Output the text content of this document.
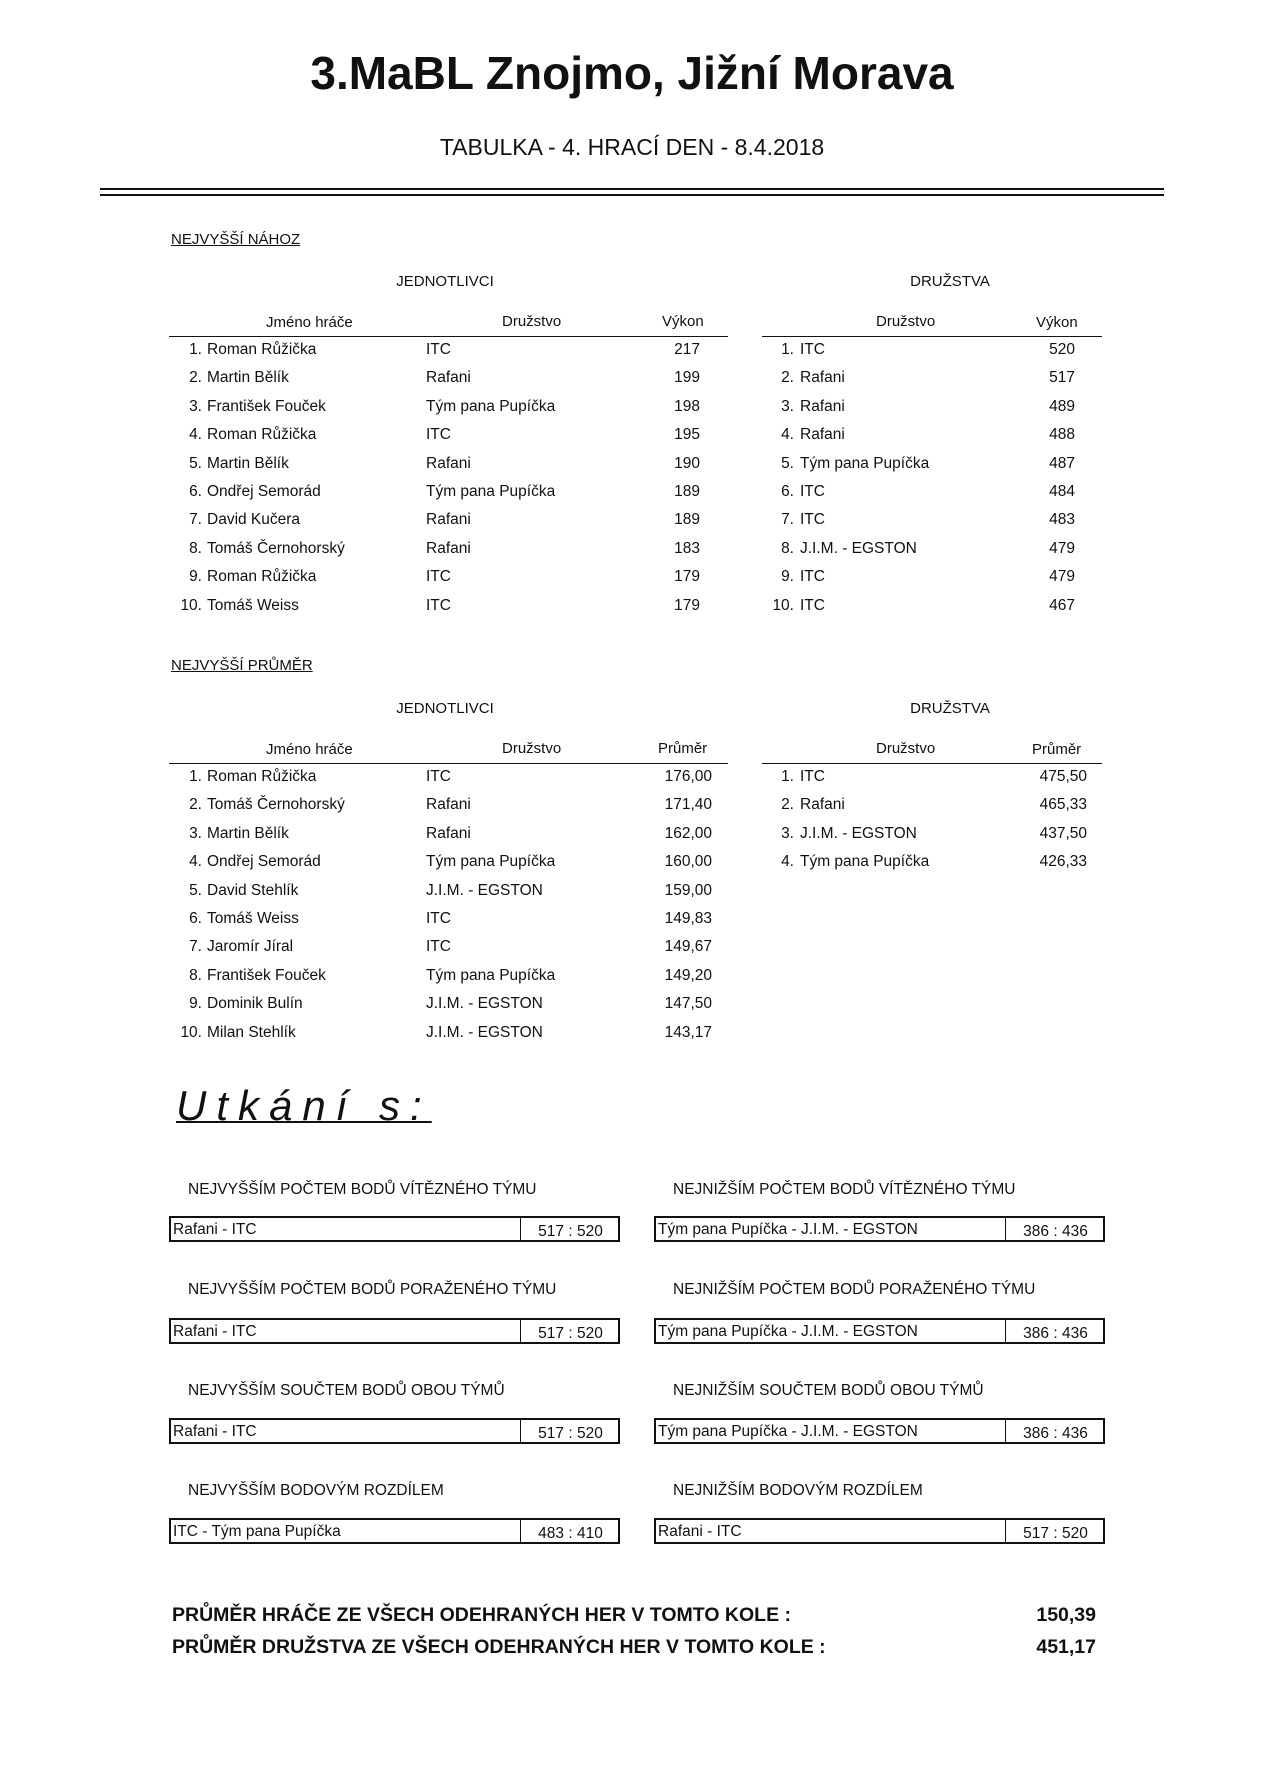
3.MaBL Znojmo, Jižní Morava
TABULKA - 4. HRACÍ DEN - 8.4.2018
NEJVYŠŠÍ NÁHOZ
JEDNOTLIVCI	DRUŽSTVA
Jméno hráče	Družstvo	Výkon	Družstvo	Výkon
1. Roman Růžička	ITC	217
2. Martin Bělík	Rafani	199
3. František Fouček	Tým pana Pupíčka	198
4. Roman Růžička	ITC	195
5. Martin Bělík	Rafani	190
6. Ondřej Semorád	Tým pana Pupíčka	189
7. David Kučera	Rafani	189
8. Tomáš Černohorský	Rafani	183
9. Roman Růžička	ITC	179
10. Tomáš Weiss	ITC	179
1. ITC	520
2. Rafani	517
3. Rafani	489
4. Rafani	488
5. Tým pana Pupíčka	487
6. ITC	484
7. ITC	483
8. J.I.M. - EGSTON	479
9. ITC	479
10. ITC	467
NEJVYŠŠÍ PRŮMĚR
JEDNOTLIVCI	DRUŽSTVA
Jméno hráče	Družstvo	Průměr	Družstvo	Průměr
1. Roman Růžička	ITC	176,00
2. Tomáš Černohorský	Rafani	171,40
3. Martin Bělík	Rafani	162,00
4. Ondřej Semorád	Tým pana Pupíčka	160,00
5. David Stehlík	J.I.M. - EGSTON	159,00
6. Tomáš Weiss	ITC	149,83
7. Jaromír Jíral	ITC	149,67
8. František Fouček	Tým pana Pupíčka	149,20
9. Dominik Bulín	J.I.M. - EGSTON	147,50
10. Milan Stehlík	J.I.M. - EGSTON	143,17
1. ITC	475,50
2. Rafani	465,33
3. J.I.M. - EGSTON	437,50
4. Tým pana Pupíčka	426,33
Utkání s:
NEJVYŠŠÍM POČTEM BODŮ VÍTĚZNÉHO TÝMU
Rafani - ITC	517 : 520
NEJNIŽŠÍM POČTEM BODŮ VÍTĚZNÉHO TÝMU
Tým pana Pupíčka - J.I.M. - EGSTON	386 : 436
NEJVYŠŠÍM POČTEM BODŮ PORAŽENÉHO TÝMU
Rafani - ITC	517 : 520
NEJNIŽŠÍM POČTEM BODŮ PORAŽENÉHO TÝMU
Tým pana Pupíčka - J.I.M. - EGSTON	386 : 436
NEJVYŠŠÍM SOUČTEM BODŮ OBOU TÝMŮ
Rafani - ITC	517 : 520
NEJNIŽŠÍM SOUČTEM BODŮ OBOU TÝMŮ
Tým pana Pupíčka - J.I.M. - EGSTON	386 : 436
NEJVYŠŠÍM BODOVÝM ROZDÍLEM
ITC - Tým pana Pupíčka	483 : 410
NEJNIŽŠÍM BODOVÝM ROZDÍLEM
Rafani - ITC	517 : 520
PRŮMĚR HRÁČE ZE VŠECH ODEHRANÝCH HER V TOMTO KOLE :	150,39
PRŮMĚR DRUŽSTVA ZE VŠECH ODEHRANÝCH HER V TOMTO KOLE :	451,17
